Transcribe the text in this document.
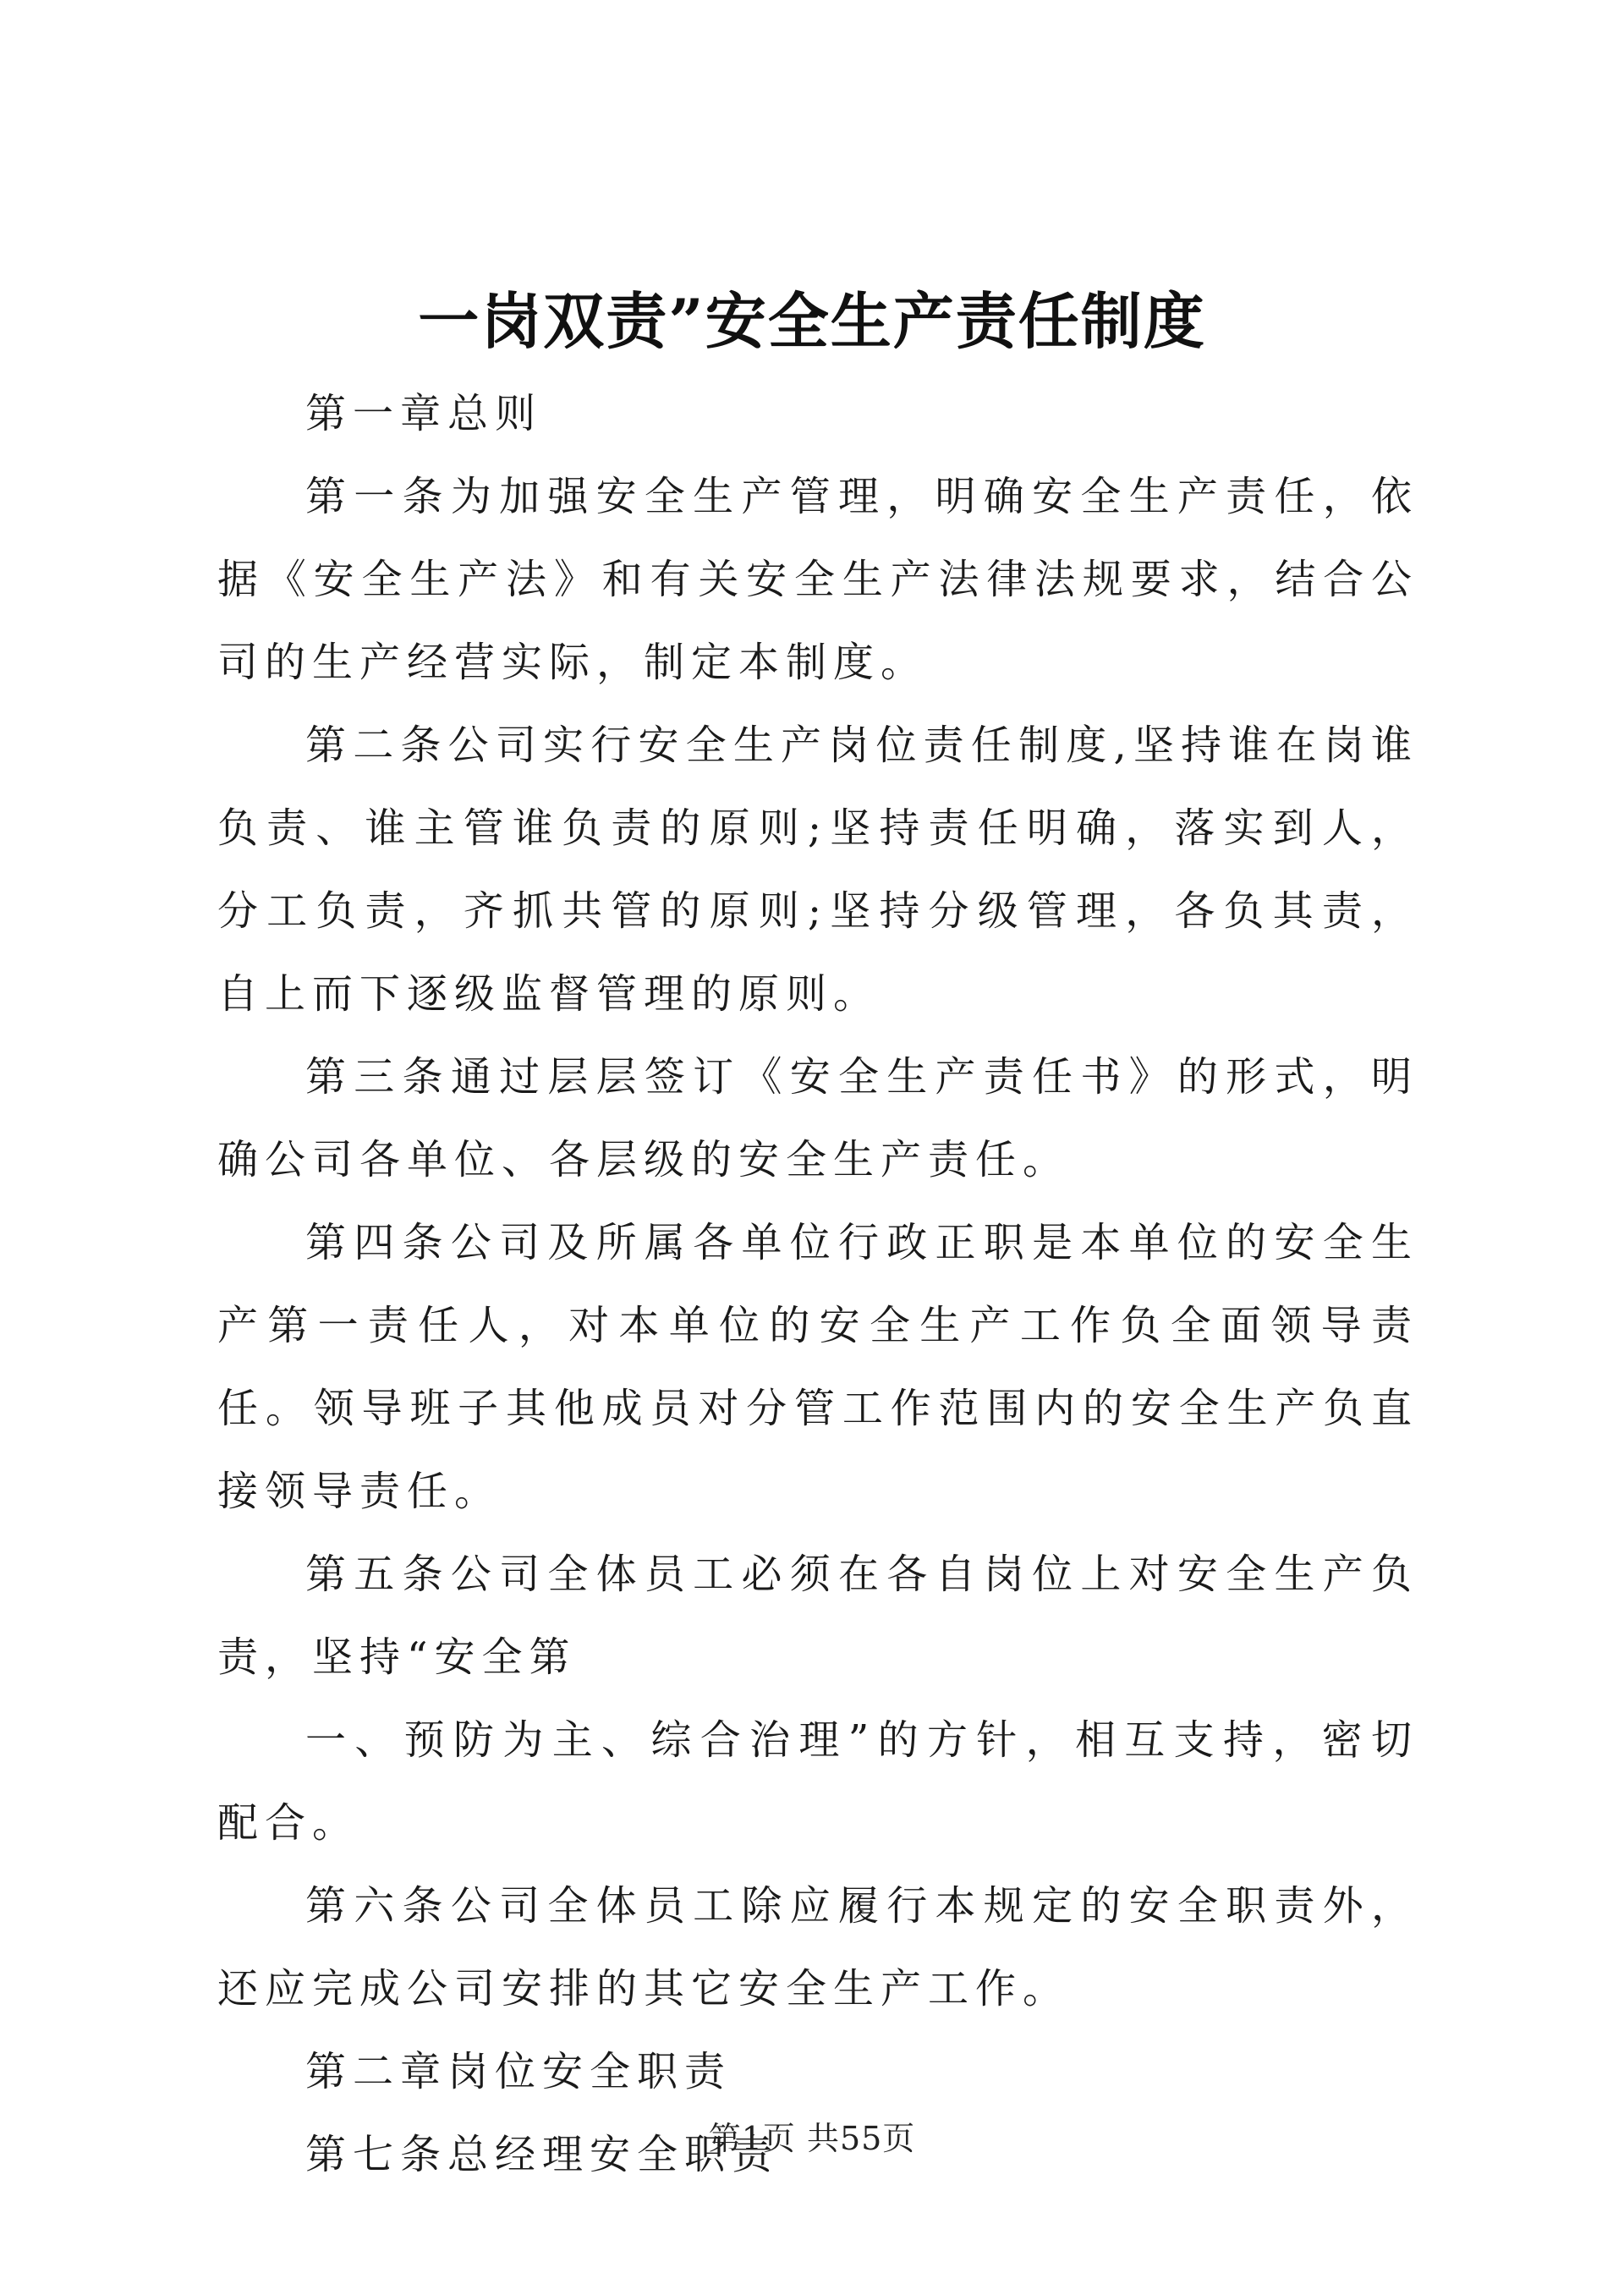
一岗双责”安全生产责任制度

第一章总则

第一条为加强安全生产管理，明确安全生产责任，依据《安全生产法》和有关安全生产法律法规要求，结合公司的生产经营实际，制定本制度。

第二条公司实行安全生产岗位责任制度,坚持谁在岗谁负责、谁主管谁负责的原则;坚持责任明确，落实到人，分工负责，齐抓共管的原则;坚持分级管理，各负其责，自上而下逐级监督管理的原则。

第三条通过层层签订《安全生产责任书》的形式，明确公司各单位、各层级的安全生产责任。

第四条公司及所属各单位行政正职是本单位的安全生产第一责任人，对本单位的安全生产工作负全面领导责任。领导班子其他成员对分管工作范围内的安全生产负直接领导责任。

第五条公司全体员工必须在各自岗位上对安全生产负责，坚持“安全第

一、预防为主、综合治理”的方针，相互支持，密切配合。

第六条公司全体员工除应履行本规定的安全职责外，还应完成公司安排的其它安全生产工作。

第二章岗位安全职责

第七条总经理安全职责

第1页 共55页
